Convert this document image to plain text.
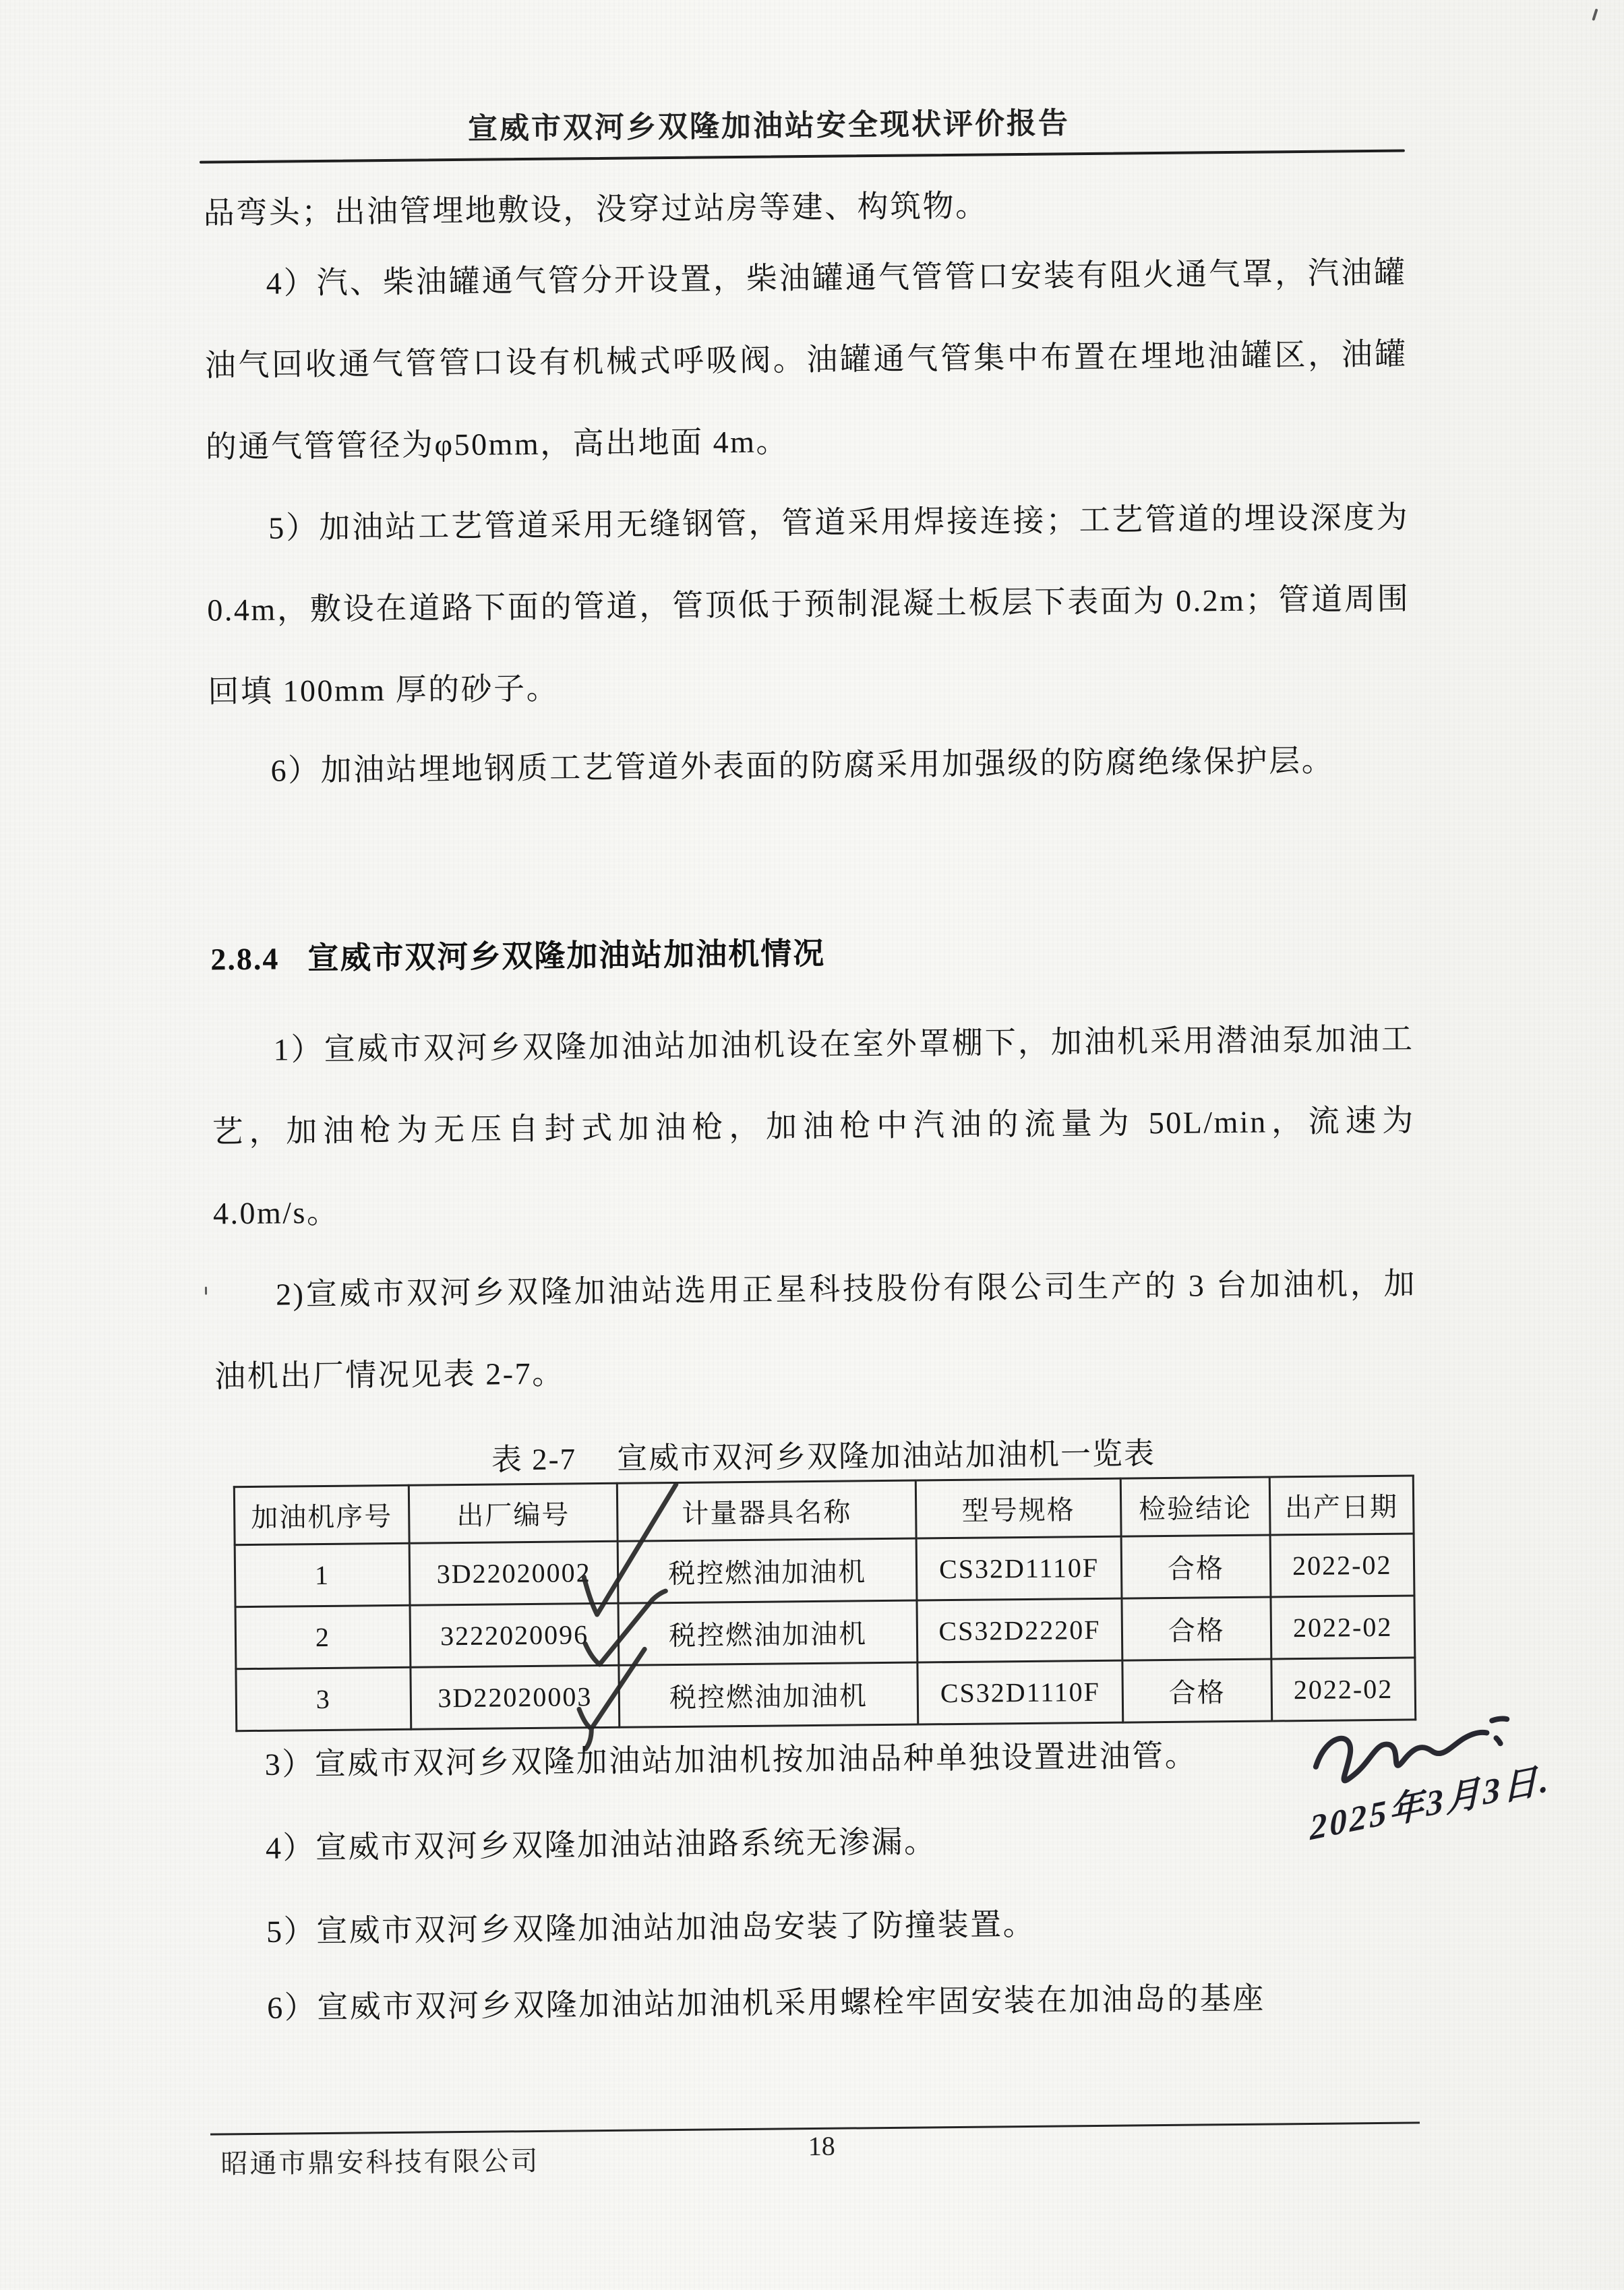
宣威市双河乡双隆加油站安全现状评价报告
品弯头；出油管埋地敷设，没穿过站房等建、构筑物。
4）汽、柴油罐通气管分开设置，柴油罐通气管管口安装有阻火通气罩，汽油罐油气回收通气管管口设有机械式呼吸阀。油罐通气管集中布置在埋地油罐区，油罐的通气管管径为φ50mm，高出地面 4m。
5）加油站工艺管道采用无缝钢管，管道采用焊接连接；工艺管道的埋设深度为 0.4m，敷设在道路下面的管道，管顶低于预制混凝土板层下表面为 0.2m；管道周围回填 100mm 厚的砂子。
6）加油站埋地钢质工艺管道外表面的防腐采用加强级的防腐绝缘保护层。
2.8.4 宣威市双河乡双隆加油站加油机情况
1）宣威市双河乡双隆加油站加油机设在室外罩棚下，加油机采用潜油泵加油工艺，加油枪为无压自封式加油枪，加油枪中汽油的流量为 50L/min，流速为 4.0m/s。
2)宣威市双河乡双隆加油站选用正星科技股份有限公司生产的 3 台加油机，加油机出厂情况见表 2-7。
表 2-7 宣威市双河乡双隆加油站加油机一览表
加油机序号	出厂编号	计量器具名称	型号规格	检验结论	出产日期
1	3D22020002	税控燃油加油机	CS32D1110F	合格	2022-02
2	3222020096	税控燃油加油机	CS32D2220F	合格	2022-02
3	3D22020003	税控燃油加油机	CS32D1110F	合格	2022-02
3）宣威市双河乡双隆加油站加油机按加油品种单独设置进油管。
4）宣威市双河乡双隆加油站油路系统无渗漏。
5）宣威市双河乡双隆加油站加油岛安装了防撞装置。
6）宣威市双河乡双隆加油站加油机采用螺栓牢固安装在加油岛的基座
2025年3月3日.
昭通市鼎安科技有限公司	18
